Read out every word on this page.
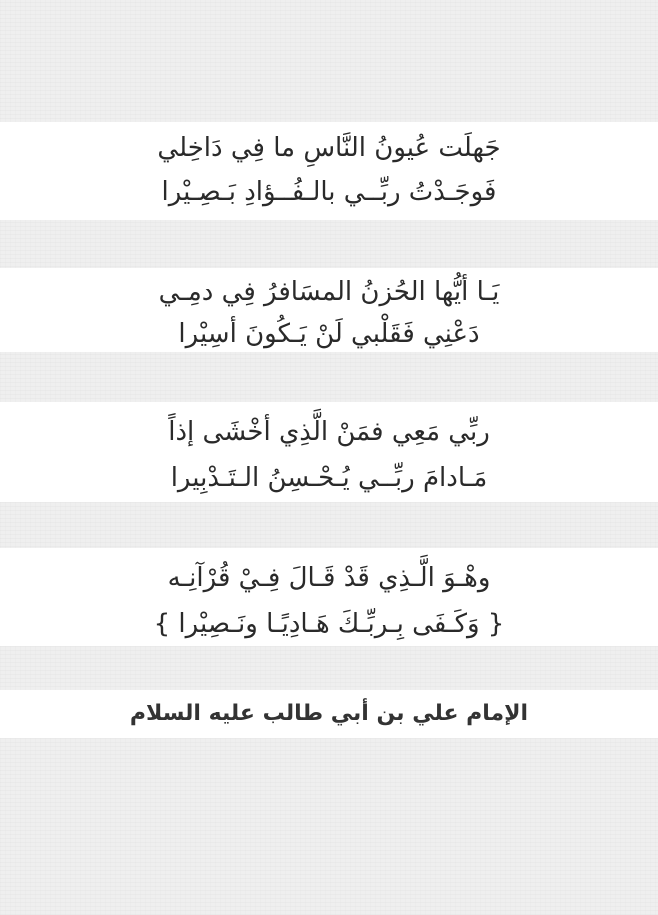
جَهلَت عُيونُ النَّاسِ ما فِي دَاخِلي
فَوجَـدْتُ ربِّــي بالـفُــؤادِ بَـصِـيْرا
يَـا أيُّها الحُزنُ المسَافرُ فِي دمِـي
دَعْنِي فَقَلْبي لَنْ يَـكُونَ أسِيْرا
ربِّي مَعِي فمَنْ الَّذِي أخْشَى إذاً
مَـادامَ ربِّــي يُـحْـسِنُ الـتَـدْبِيرا
وهْـوَ الَّـذِي قَدْ قَـالَ فِـيْ قُرْآنِـه
{ وَكَـفَى بِـربِّـكَ هَـادِيًـا ونَـصِيْرا }
الإمام علي بن أبي طالب عليه السلام
